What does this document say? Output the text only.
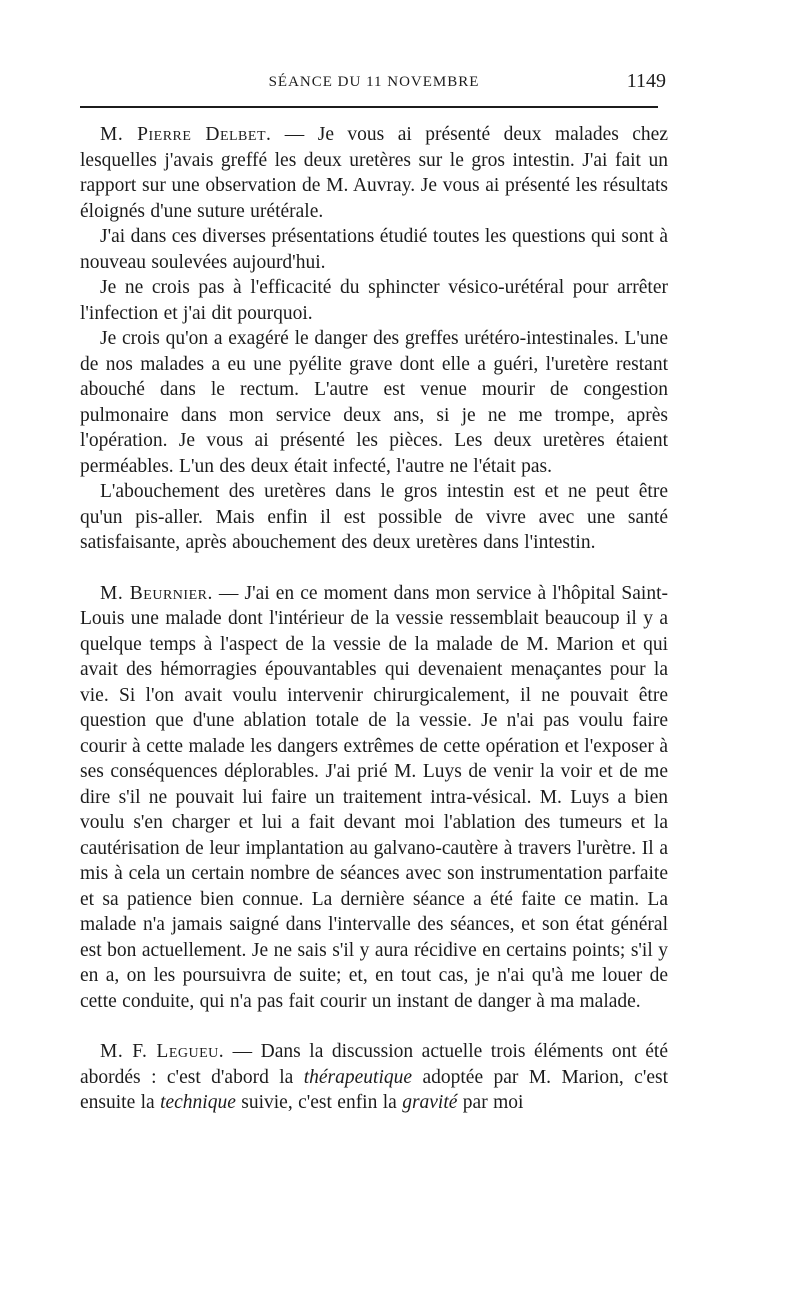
SÉANCE DU 11 NOVEMBRE	1149

M. Pierre Delbet. — Je vous ai présenté deux malades chez lesquelles j'avais greffé les deux uretères sur le gros intestin. J'ai fait un rapport sur une observation de M. Auvray. Je vous ai présenté les résultats éloignés d'une suture urétérale.

J'ai dans ces diverses présentations étudié toutes les questions qui sont à nouveau soulevées aujourd'hui.

Je ne crois pas à l'efficacité du sphincter vésico-urétéral pour arrêter l'infection et j'ai dit pourquoi.

Je crois qu'on a exagéré le danger des greffes urétéro-intestinales. L'une de nos malades a eu une pyélite grave dont elle a guéri, l'uretère restant abouché dans le rectum. L'autre est venue mourir de congestion pulmonaire dans mon service deux ans, si je ne me trompe, après l'opération. Je vous ai présenté les pièces. Les deux uretères étaient perméables. L'un des deux était infecté, l'autre ne l'était pas.

L'abouchement des uretères dans le gros intestin est et ne peut être qu'un pis-aller. Mais enfin il est possible de vivre avec une santé satisfaisante, après abouchement des deux uretères dans l'intestin.

M. Beurnier. — J'ai en ce moment dans mon service à l'hôpital Saint-Louis une malade dont l'intérieur de la vessie ressemblait beaucoup il y a quelque temps à l'aspect de la vessie de la malade de M. Marion et qui avait des hémorragies épouvantables qui devenaient menaçantes pour la vie. Si l'on avait voulu intervenir chirurgicalement, il ne pouvait être question que d'une ablation totale de la vessie. Je n'ai pas voulu faire courir à cette malade les dangers extrêmes de cette opération et l'exposer à ses conséquences déplorables. J'ai prié M. Luys de venir la voir et de me dire s'il ne pouvait lui faire un traitement intra-vésical. M. Luys a bien voulu s'en charger et lui a fait devant moi l'ablation des tumeurs et la cautérisation de leur implantation au galvano-cautère à travers l'urètre. Il a mis à cela un certain nombre de séances avec son instrumentation parfaite et sa patience bien connue. La dernière séance a été faite ce matin. La malade n'a jamais saigné dans l'intervalle des séances, et son état général est bon actuellement. Je ne sais s'il y aura récidive en certains points; s'il y en a, on les poursuivra de suite; et, en tout cas, je n'ai qu'à me louer de cette conduite, qui n'a pas fait courir un instant de danger à ma malade.

M. F. Legueu. — Dans la discussion actuelle trois éléments ont été abordés : c'est d'abord la thérapeutique adoptée par M. Marion, c'est ensuite la technique suivie, c'est enfin la gravité par moi
